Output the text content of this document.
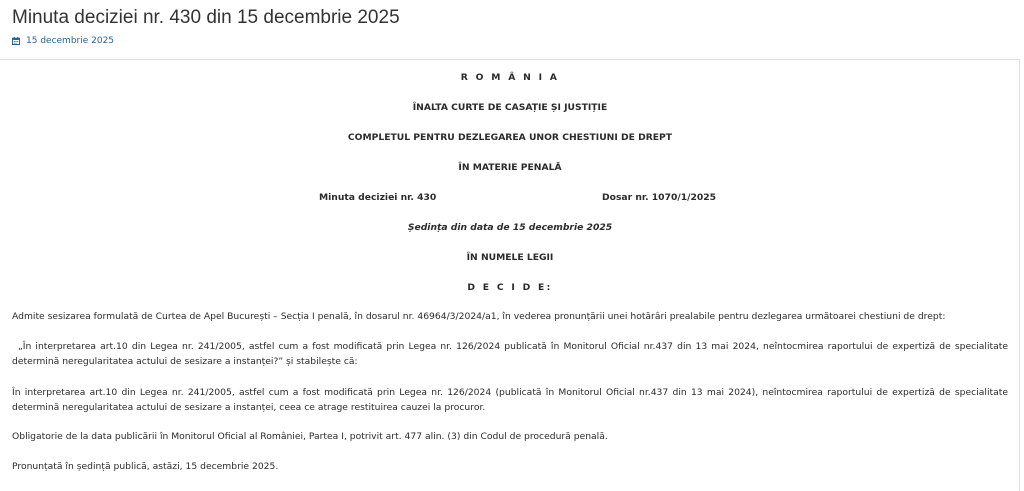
Minuta deciziei nr. 430 din 15 decembrie 2025
15 decembrie 2025
R O M Â N I A
ÎNALTA CURTE DE CASAȚIE ȘI JUSTIȚIE
COMPLETUL PENTRU DEZLEGAREA UNOR CHESTIUNI DE DREPT
ÎN MATERIE PENALĂ
Minuta deciziei nr. 430	Dosar nr. 1070/1/2025
Ședința din data de 15 decembrie 2025
ÎN NUMELE LEGII
D E C I D E:
Admite sesizarea formulată de Curtea de Apel București – Secția I penală, în dosarul nr. 46964/3/2024/a1, în vederea pronunțării unei hotărâri prealabile pentru dezlegarea următoarei chestiuni de drept:
„În interpretarea art.10 din Legea nr. 241/2005, astfel cum a fost modificată prin Legea nr. 126/2024 publicată în Monitorul Oficial nr.437 din 13 mai 2024, neîntocmirea raportului de expertiză de specialitate determină neregularitatea actului de sesizare a instanței?” și stabilește că:
În interpretarea art.10 din Legea nr. 241/2005, astfel cum a fost modificată prin Legea nr. 126/2024 (publicată în Monitorul Oficial nr.437 din 13 mai 2024), neîntocmirea raportului de expertiză de specialitate determină neregularitatea actului de sesizare a instanței, ceea ce atrage restituirea cauzei la procuror.
Obligatorie de la data publicării în Monitorul Oficial al României, Partea I, potrivit art. 477 alin. (3) din Codul de procedură penală.
Pronunțată în ședință publică, astăzi, 15 decembrie 2025.
